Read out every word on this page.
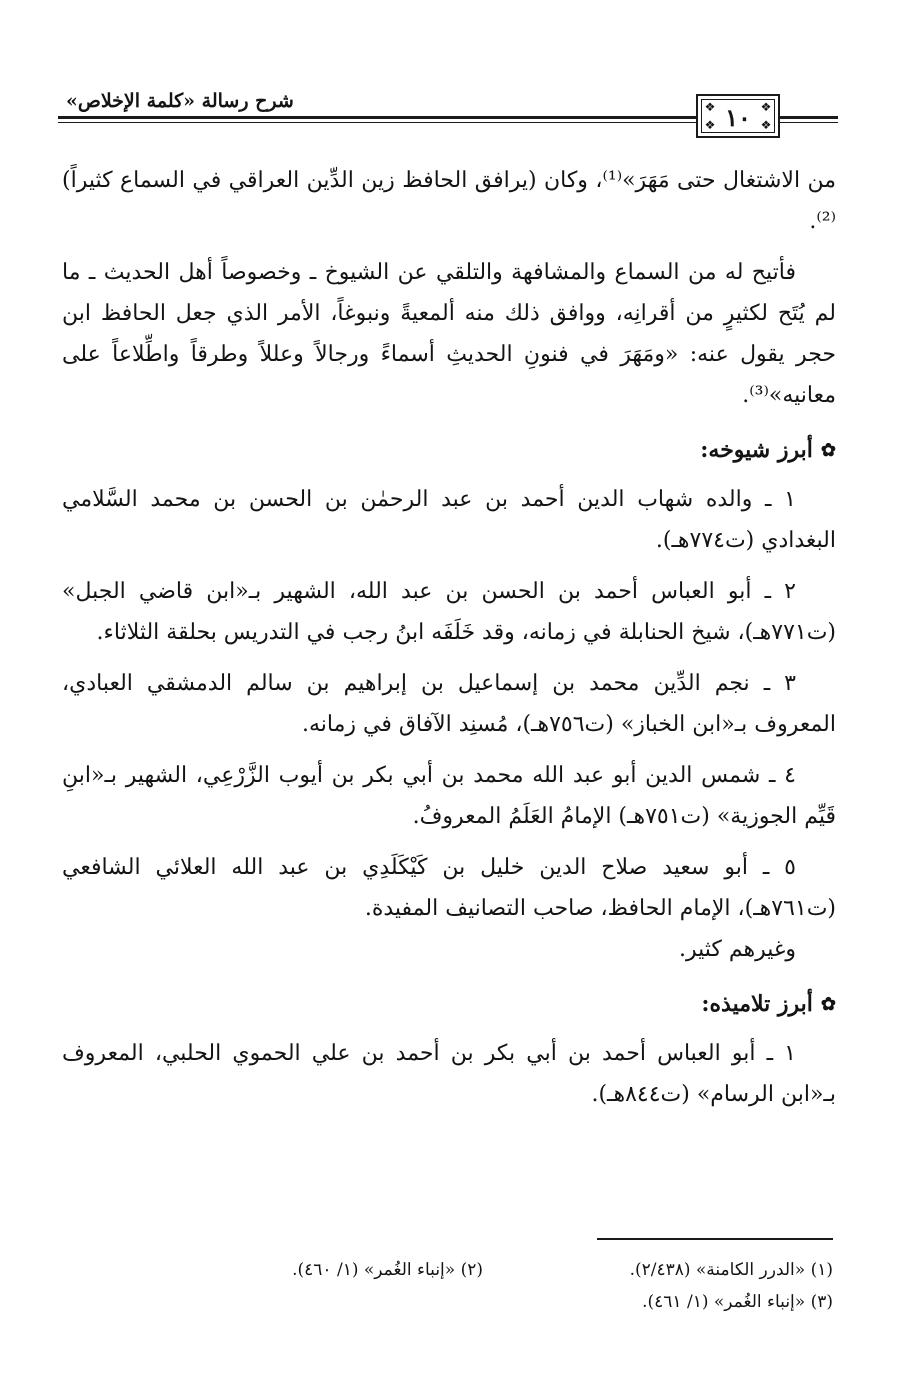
شرح رسالة «كلمة الإخلاص»	❖	❖
❖	❖
١٠

من الاشتغال حتى مَهَرَ»⁽¹⁾، وكان (يرافق الحافظ زين الدِّين العراقي في السماع كثيراً)⁽²⁾.

فأتيح له من السماع والمشافهة والتلقي عن الشيوخ ـ وخصوصاً أهل الحديث ـ ما لم يُتَح لكثيرٍ من أقرانِه، ووافق ذلك منه ألمعيةً ونبوغاً، الأمر الذي جعل الحافظ ابن حجر يقول عنه: «ومَهَرَ في فنونِ الحديثِ أسماءً ورجالاً وعللاً وطرقاً واطِّلاعاً على معانيه»⁽³⁾.

✿
أبرز شيوخه:

١ ـ والده شهاب الدين أحمد بن عبد الرحمٰن بن الحسن بن محمد السَّلامي البغدادي (ت٧٧٤هـ).

٢ ـ أبو العباس أحمد بن الحسن بن عبد الله، الشهير بـ«ابن قاضي الجبل» (ت٧٧١هـ)، شيخ الحنابلة في زمانه، وقد خَلَفَه ابنُ رجب في التدريس بحلقة الثلاثاء.

٣ ـ نجم الدِّين محمد بن إسماعيل بن إبراهيم بن سالم الدمشقي العبادي، المعروف بـ«ابن الخباز» (ت٧٥٦هـ)، مُسنِد الآفاق في زمانه.

٤ ـ شمس الدين أبو عبد الله محمد بن أبي بكر بن أيوب الزَّرْعِي، الشهير بـ«ابنِ قَيِّم الجوزية» (ت٧٥١هـ) الإمامُ العَلَمُ المعروفُ.

٥ ـ أبو سعيد صلاح الدين خليل بن كَيْكَلَدِي بن عبد الله العلائي الشافعي (ت٧٦١هـ)، الإمام الحافظ، صاحب التصانيف المفيدة.

وغيرهم كثير.

✿
أبرز تلاميذه:

١ ـ أبو العباس أحمد بن أبي بكر بن أحمد بن علي الحموي الحلبي، المعروف بـ«ابن الرسام» (ت٨٤٤هـ).

(١) «الدرر الكامنة» (٢/٤٣٨).
(٢) «إنباء الغُمر» (١/ ٤٦٠).
(٣) «إنباء الغُمر» (١/ ٤٦١).
